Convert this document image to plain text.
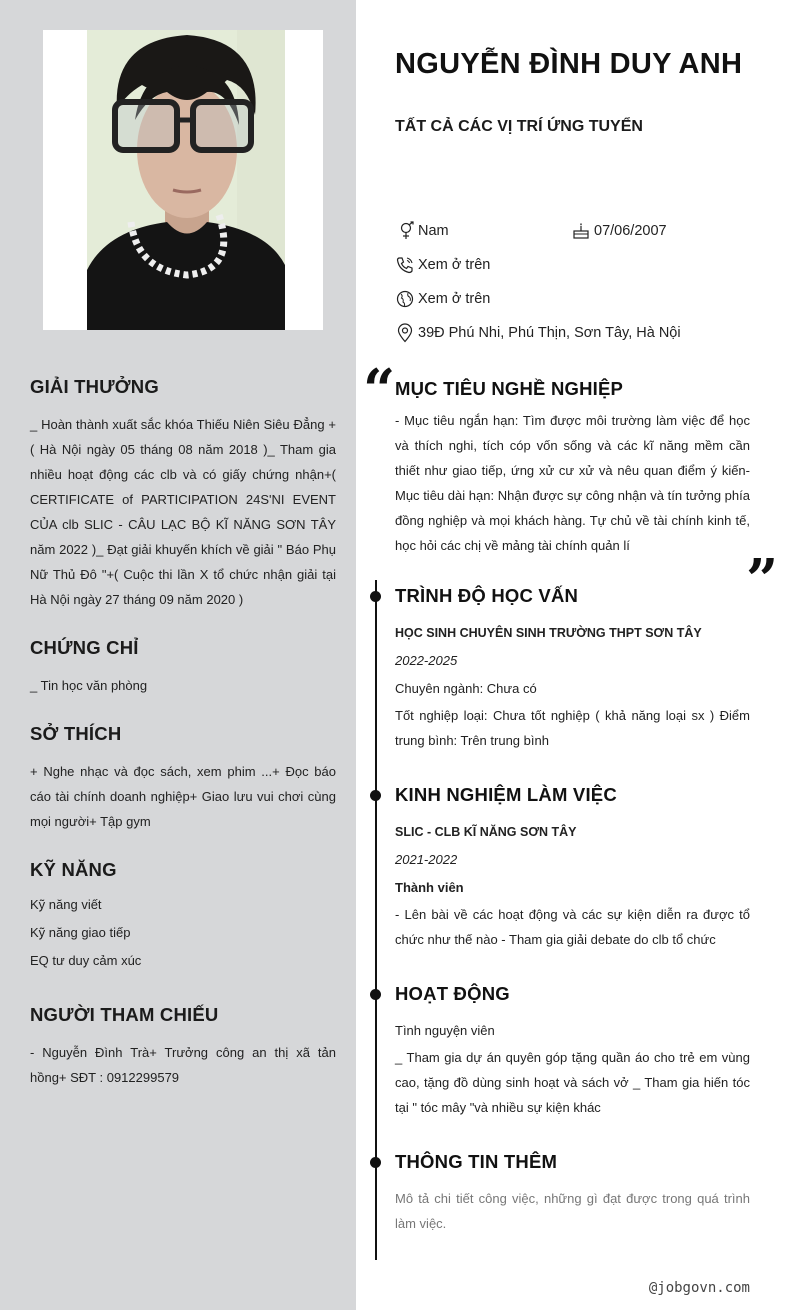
GIẢI THƯỞNG

_ Hoàn thành xuất sắc khóa Thiếu Niên Siêu Đẳng + ( Hà Nội ngày 05 tháng 08 năm 2018 )_ Tham gia nhiều hoạt động các clb và có giấy chứng nhận+( CERTIFICATE of PARTICIPATION 24S'NI EVENT CỦA clb SLIC - CÂU LẠC BỘ KĨ NĂNG SƠN TÂY năm 2022 )_ Đạt giải khuyến khích về giải " Báo Phụ Nữ Thủ Đô "+( Cuộc thi lần X tổ chức nhận giải tại Hà Nội ngày 27 tháng 09 năm 2020 )

CHỨNG CHỈ

_ Tin học văn phòng

SỞ THÍCH

+ Nghe nhạc và đọc sách, xem phim ...+ Đọc báo cáo tài chính doanh nghiệp+ Giao lưu vui chơi cùng mọi người+ Tập gym

KỸ NĂNG

Kỹ năng viết

Kỹ năng giao tiếp

EQ tư duy cảm xúc

NGƯỜI THAM CHIẾU

- Nguyễn Đình Trà+ Trưởng công an thị xã tản hồng+ SĐT : 0912299579

NGUYỄN ĐÌNH DUY ANH
TẤT CẢ CÁC VỊ TRÍ ỨNG TUYỂN
Nam	07/06/2007
Xem ở trên
Xem ở trên
39Đ Phú Nhi, Phú Thịn, Sơn Tây, Hà Nội
MỤC TIÊU NGHỀ NGHIỆP

- Mục tiêu ngắn hạn: Tìm được môi trường làm việc để học và thích nghi, tích cóp vốn sống và các kĩ năng mềm cần thiết như giao tiếp, ứng xử cư xử và nêu quan điểm ý kiến- Mục tiêu dài hạn: Nhận được sự công nhận và tín tưởng phía đồng nghiệp và mọi khách hàng. Tự chủ về tài chính kinh tế, học hỏi các chị về mảng tài chính quản lí

TRÌNH ĐỘ HỌC VẤN

HỌC SINH CHUYÊN SINH TRƯỜNG THPT SƠN TÂY

2022-2025

Chuyên ngành: Chưa có

Tốt nghiệp loại: Chưa tốt nghiệp ( khả năng loại sx ) Điểm trung bình: Trên trung bình

KINH NGHIỆM LÀM VIỆC

SLIC - CLB KĨ NĂNG SƠN TÂY

2021-2022

Thành viên

- Lên bài về các hoạt động và các sự kiện diễn ra được tổ chức như thế nào - Tham gia giải debate do clb tổ chức

HOẠT ĐỘNG

Tình nguyện viên

_ Tham gia dự án quyên góp tặng quần áo cho trẻ em vùng cao, tặng đồ dùng sinh hoạt và sách vở _ Tham gia hiến tóc tại " tóc mây "và nhiều sự kiện khác

THÔNG TIN THÊM

Mô tả chi tiết công việc, những gì đạt được trong quá trình làm việc.

“
”
@jobgovn.com
